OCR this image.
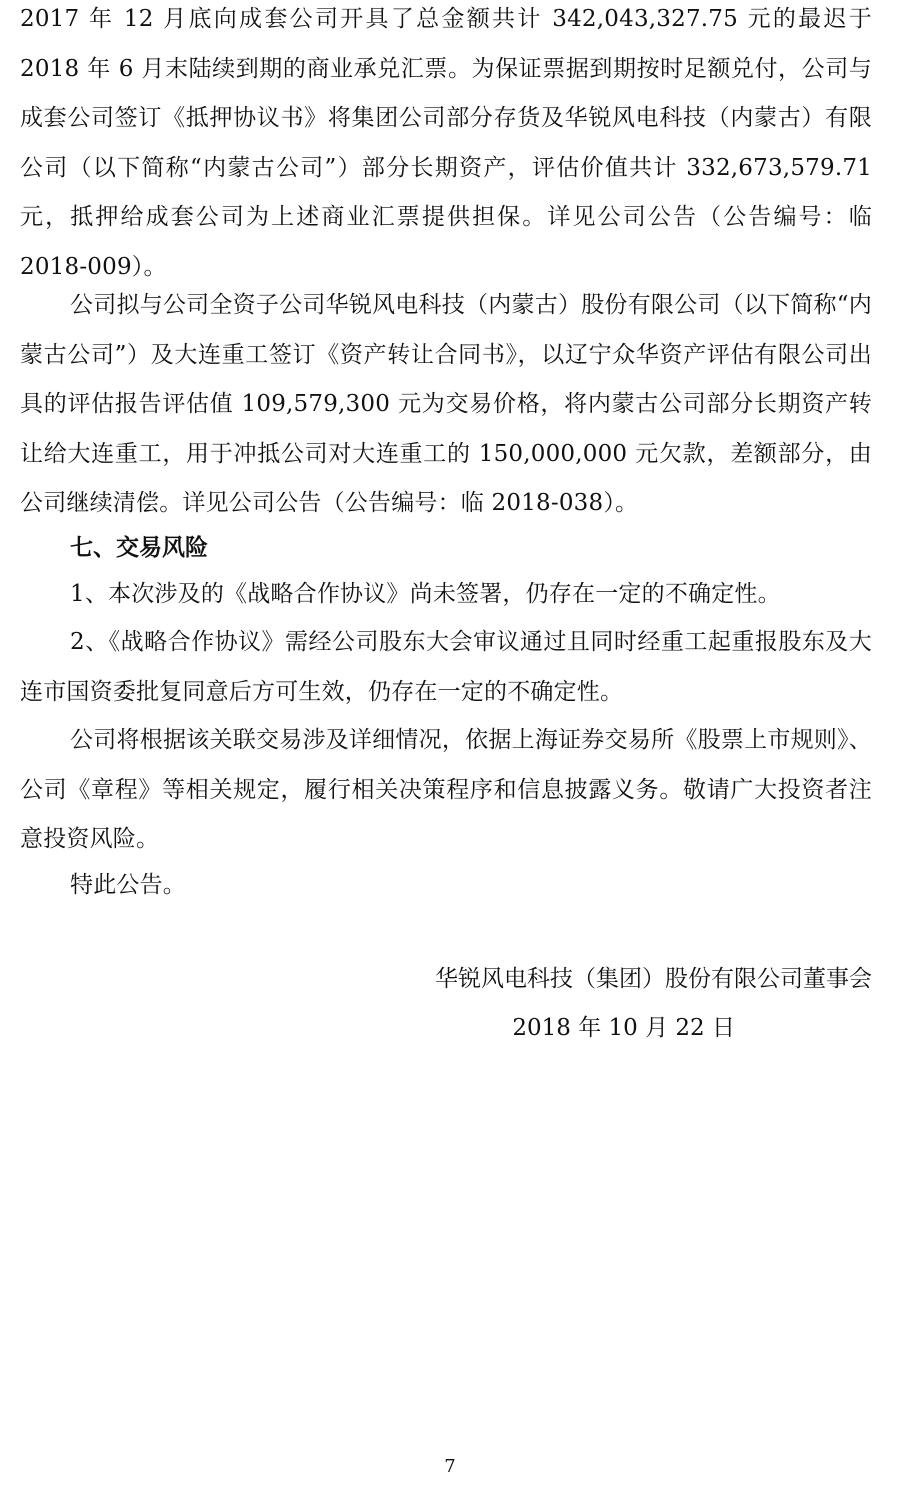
2017 年 12 月底向成套公司开具了总金额共计 342,043,327.75 元的最迟于 2018 年 6 月末陆续到期的商业承兑汇票。为保证票据到期按时足额兑付，公司与成套公司签订《抵押协议书》将集团公司部分存货及华锐风电科技（内蒙古）有限公司（以下简称“内蒙古公司”）部分长期资产，评估价值共计 332,673,579.71 元，抵押给成套公司为上述商业汇票提供担保。详见公司公告（公告编号：临 2018-009）。

公司拟与公司全资子公司华锐风电科技（内蒙古）股份有限公司（以下简称“内蒙古公司”）及大连重工签订《资产转让合同书》，以辽宁众华资产评估有限公司出具的评估报告评估值 109,579,300 元为交易价格，将内蒙古公司部分长期资产转让给大连重工，用于冲抵公司对大连重工的 150,000,000 元欠款，差额部分，由公司继续清偿。详见公司公告（公告编号：临 2018-038）。

七、交易风险

1、本次涉及的《战略合作协议》尚未签署，仍存在一定的不确定性。

2、《战略合作协议》需经公司股东大会审议通过且同时经重工起重报股东及大连市国资委批复同意后方可生效，仍存在一定的不确定性。

公司将根据该关联交易涉及详细情况，依据上海证券交易所《股票上市规则》、公司《章程》等相关规定，履行相关决策程序和信息披露义务。敬请广大投资者注意投资风险。

特此公告。

华锐风电科技（集团）股份有限公司董事会
2018 年 10 月 22 日
7
